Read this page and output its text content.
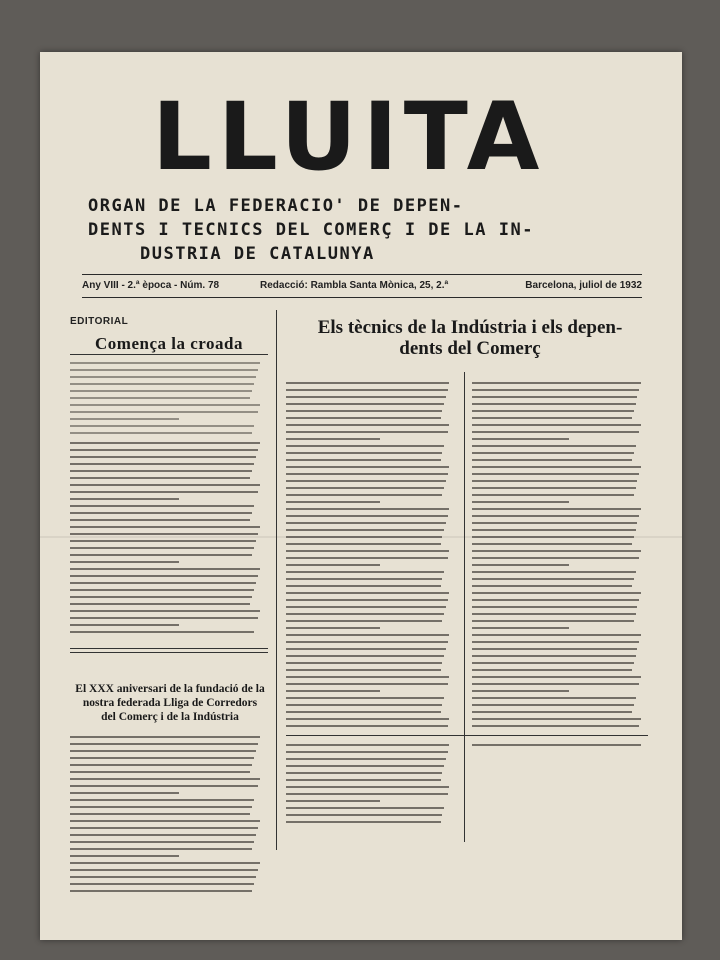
LLUITA
ORGAN DE LA FEDERACIO' DE DEPEN-
DENTS I TECNICS DEL COMERÇ I DE LA IN-
DUSTRIA DE CATALUNYA
Any VIII - 2.ª època - Núm. 78	Redacció: Rambla Santa Mònica, 25, 2.ª	Barcelona, juliol de 1932
EDITORIAL
Comença la croada
Els tècnics de la Indústria i els depen-
dents del Comerç
El XXX aniversari de la fundació de la
nostra federada Lliga de Corredors
del Comerç i de la Indústria
